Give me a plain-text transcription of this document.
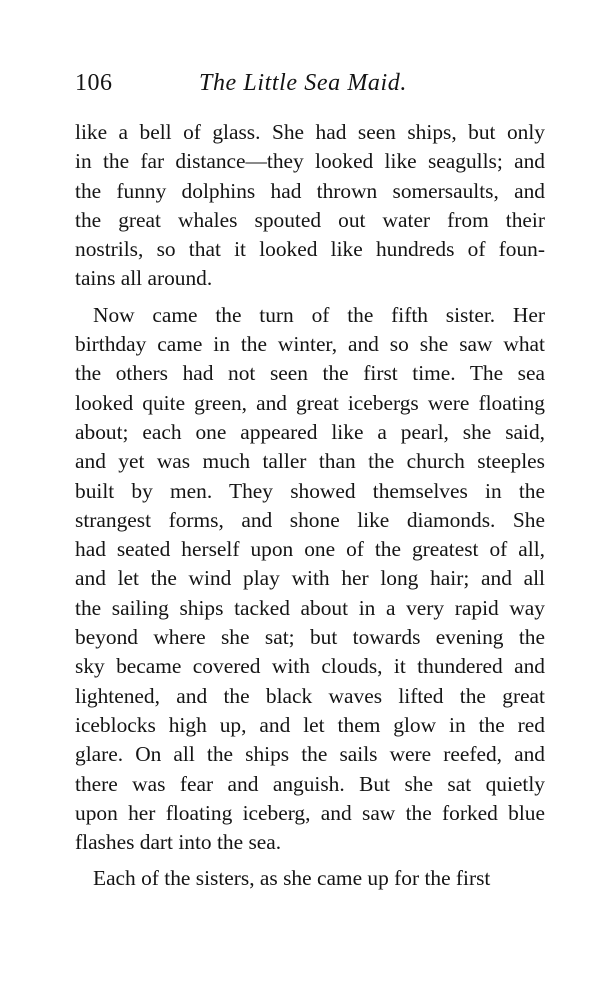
106	The Little Sea Maid.
like a bell of glass. She had seen ships, but only
in the far distance—they looked like seagulls; and
the funny dolphins had thrown somersaults, and
the great whales spouted out water from their
nostrils, so that it looked like hundreds of foun-
tains all around.
Now came the turn of the fifth sister. Her
birthday came in the winter, and so she saw what
the others had not seen the first time. The sea
looked quite green, and great icebergs were floating
about; each one appeared like a pearl, she said,
and yet was much taller than the church steeples
built by men. They showed themselves in the
strangest forms, and shone like diamonds. She
had seated herself upon one of the greatest of all,
and let the wind play with her long hair; and all
the sailing ships tacked about in a very rapid way
beyond where she sat; but towards evening the
sky became covered with clouds, it thundered and
lightened, and the black waves lifted the great
iceblocks high up, and let them glow in the red
glare. On all the ships the sails were reefed, and
there was fear and anguish. But she sat quietly
upon her floating iceberg, and saw the forked blue
flashes dart into the sea.
Each of the sisters, as she came up for the first
